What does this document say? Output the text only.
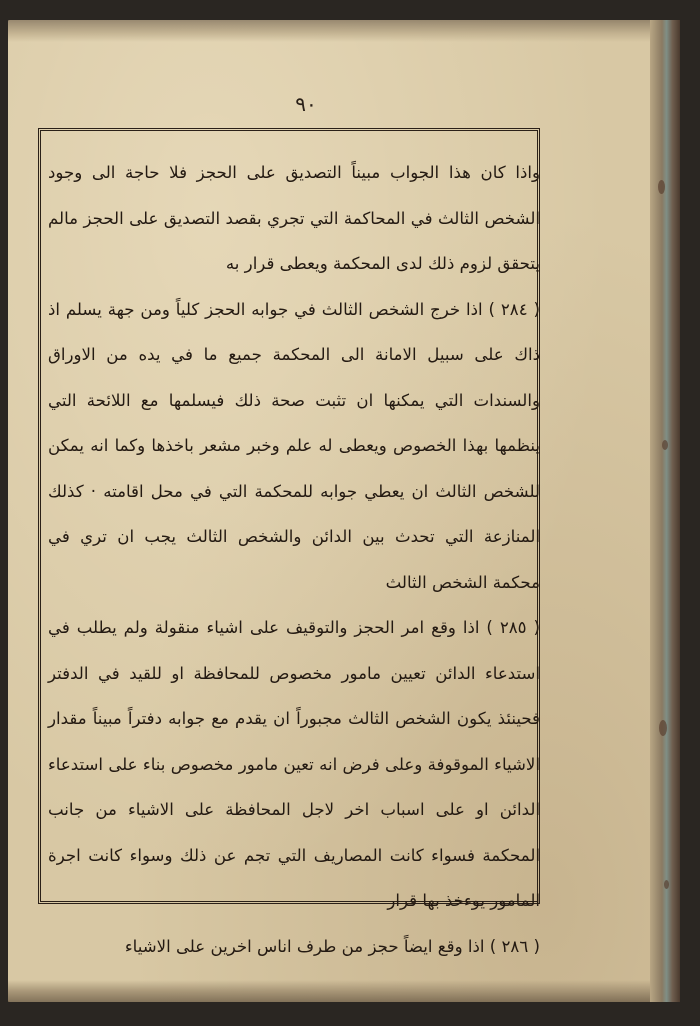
٩٠

واذا كان هذا الجواب مبيناً التصديق على الحجز فلا حاجة الى وجود الشخص الثالث في المحاكمة التي تجري بقصد التصديق على الحجز مالم يتحقق لزوم ذلك لدى المحكمة ويعطى قرار به

( ٢٨٤ ) اذا خرج الشخص الثالث في جوابه الحجز كلياً ومن جهة يسلم اذ ذاك على سبيل الامانة الى المحكمة جميع ما في يده من الاوراق والسندات التي يمكنها ان تثبت صحة ذلك فيسلمها مع اللائحة التي ينظمها بهذا الخصوص ويعطى له علم وخبر مشعر باخذها وكما انه يمكن للشخص الثالث ان يعطي جوابه للمحكمة التي في محل اقامته · كذلك المنازعة التي تحدث بين الدائن والشخص الثالث يجب ان تري في محكمة الشخص الثالث

( ٢٨٥ ) اذا وقع امر الحجز والتوقيف على اشياء منقولة ولم يطلب في استدعاء الدائن تعيين مامور مخصوص للمحافظة او للقيد في الدفتر فحينئذ يكون الشخص الثالث مجبوراً ان يقدم مع جوابه دفتراً مبيناً مقدار الاشياء الموقوفة وعلى فرض انه تعين مامور مخصوص بناء على استدعاء الدائن او على اسباب اخر لاجل المحافظة على الاشياء من جانب المحكمة فسواء كانت المصاريف التي تجم عن ذلك وسواء كانت اجرة المامور يوءخذ بها قرار

( ٢٨٦ ) اذا وقع ايضاً حجز من طرف اناس اخرين على الاشياء
